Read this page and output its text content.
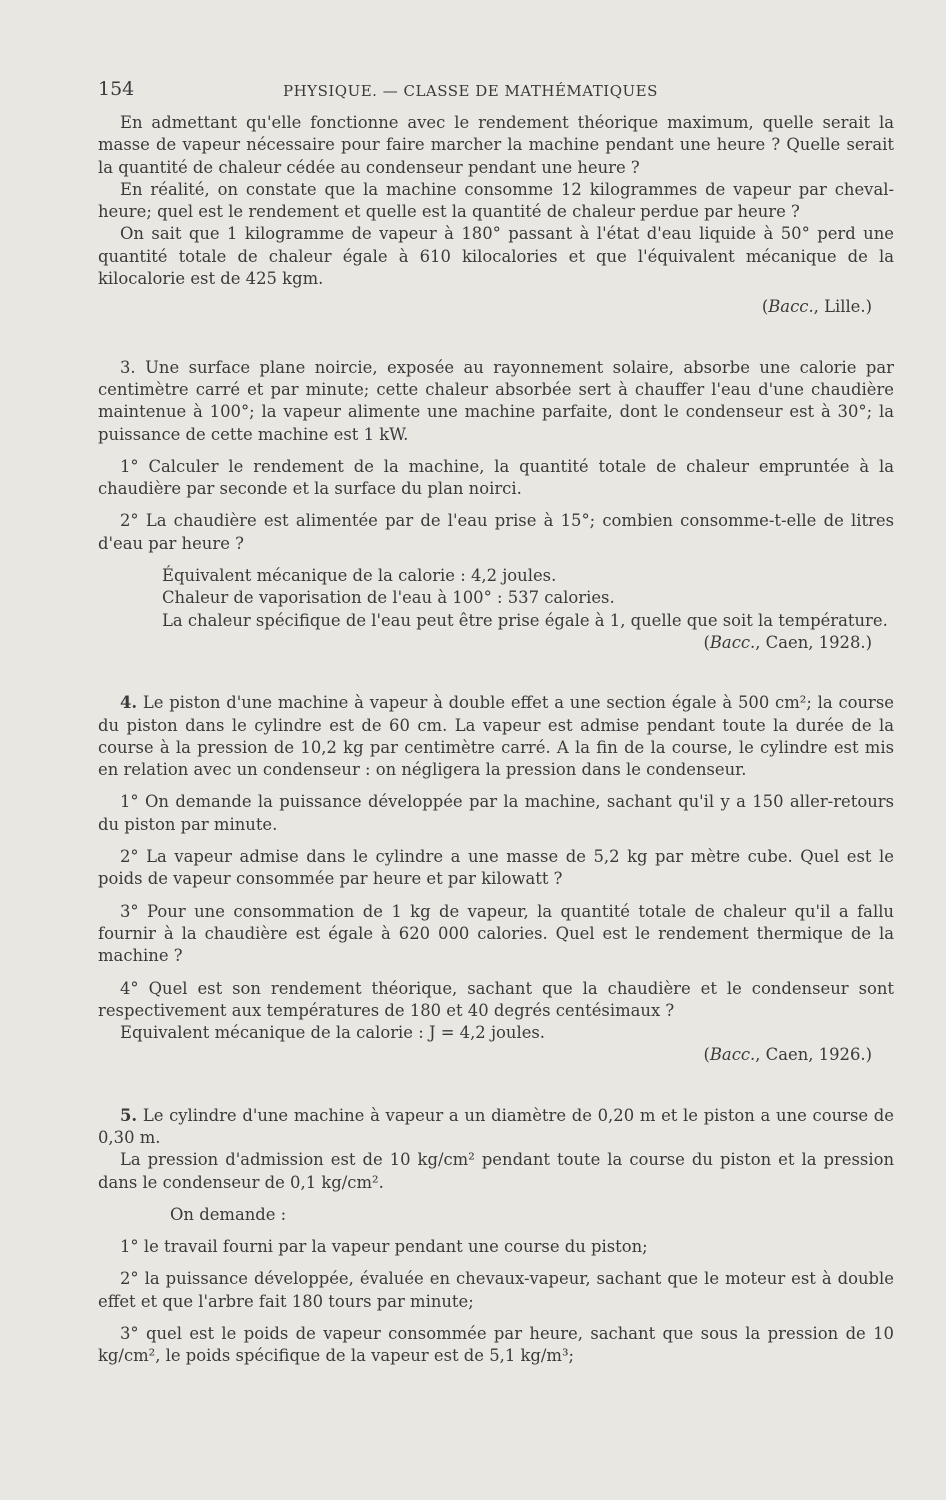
154	PHYSIQUE. — CLASSE DE MATHÉMATIQUES

En admettant qu'elle fonctionne avec le rendement théorique maximum, quelle serait la masse de vapeur nécessaire pour faire marcher la machine pendant une heure ? Quelle serait la quantité de chaleur cédée au condenseur pendant une heure ?

En réalité, on constate que la machine consomme 12 kilogrammes de vapeur par cheval-heure; quel est le rendement et quelle est la quantité de chaleur perdue par heure ?

On sait que 1 kilogramme de vapeur à 180° passant à l'état d'eau liquide à 50° perd une quantité totale de chaleur égale à 610 kilocalories et que l'équivalent mécanique de la kilocalorie est de 425 kgm.

(Bacc., Lille.)

3. Une surface plane noircie, exposée au rayonnement solaire, absorbe une calorie par centimètre carré et par minute; cette chaleur absorbée sert à chauffer l'eau d'une chaudière maintenue à 100°; la vapeur alimente une machine parfaite, dont le condenseur est à 30°; la puissance de cette machine est 1 kW.

1° Calculer le rendement de la machine, la quantité totale de chaleur empruntée à la chaudière par seconde et la surface du plan noirci.

2° La chaudière est alimentée par de l'eau prise à 15°; combien consomme-t-elle de litres d'eau par heure ?

Équivalent mécanique de la calorie : 4,2 joules.

Chaleur de vaporisation de l'eau à 100° : 537 calories.

La chaleur spécifique de l'eau peut être prise égale à 1, quelle que soit la température.

(Bacc., Caen, 1928.)

4. Le piston d'une machine à vapeur à double effet a une section égale à 500 cm²; la course du piston dans le cylindre est de 60 cm. La vapeur est admise pendant toute la durée de la course à la pression de 10,2 kg par centimètre carré. A la fin de la course, le cylindre est mis en relation avec un condenseur : on négligera la pression dans le condenseur.

1° On demande la puissance développée par la machine, sachant qu'il y a 150 aller-retours du piston par minute.

2° La vapeur admise dans le cylindre a une masse de 5,2 kg par mètre cube. Quel est le poids de vapeur consommée par heure et par kilowatt ?

3° Pour une consommation de 1 kg de vapeur, la quantité totale de chaleur qu'il a fallu fournir à la chaudière est égale à 620 000 calories. Quel est le rendement thermique de la machine ?

4° Quel est son rendement théorique, sachant que la chaudière et le condenseur sont respectivement aux températures de 180 et 40 degrés centésimaux ?

Equivalent mécanique de la calorie : J = 4,2 joules.

(Bacc., Caen, 1926.)

5. Le cylindre d'une machine à vapeur a un diamètre de 0,20 m et le piston a une course de 0,30 m.

La pression d'admission est de 10 kg/cm² pendant toute la course du piston et la pression dans le condenseur de 0,1 kg/cm².

On demande :

1° le travail fourni par la vapeur pendant une course du piston;

2° la puissance développée, évaluée en chevaux-vapeur, sachant que le moteur est à double effet et que l'arbre fait 180 tours par minute;

3° quel est le poids de vapeur consommée par heure, sachant que sous la pression de 10 kg/cm², le poids spécifique de la vapeur est de 5,1 kg/m³;
